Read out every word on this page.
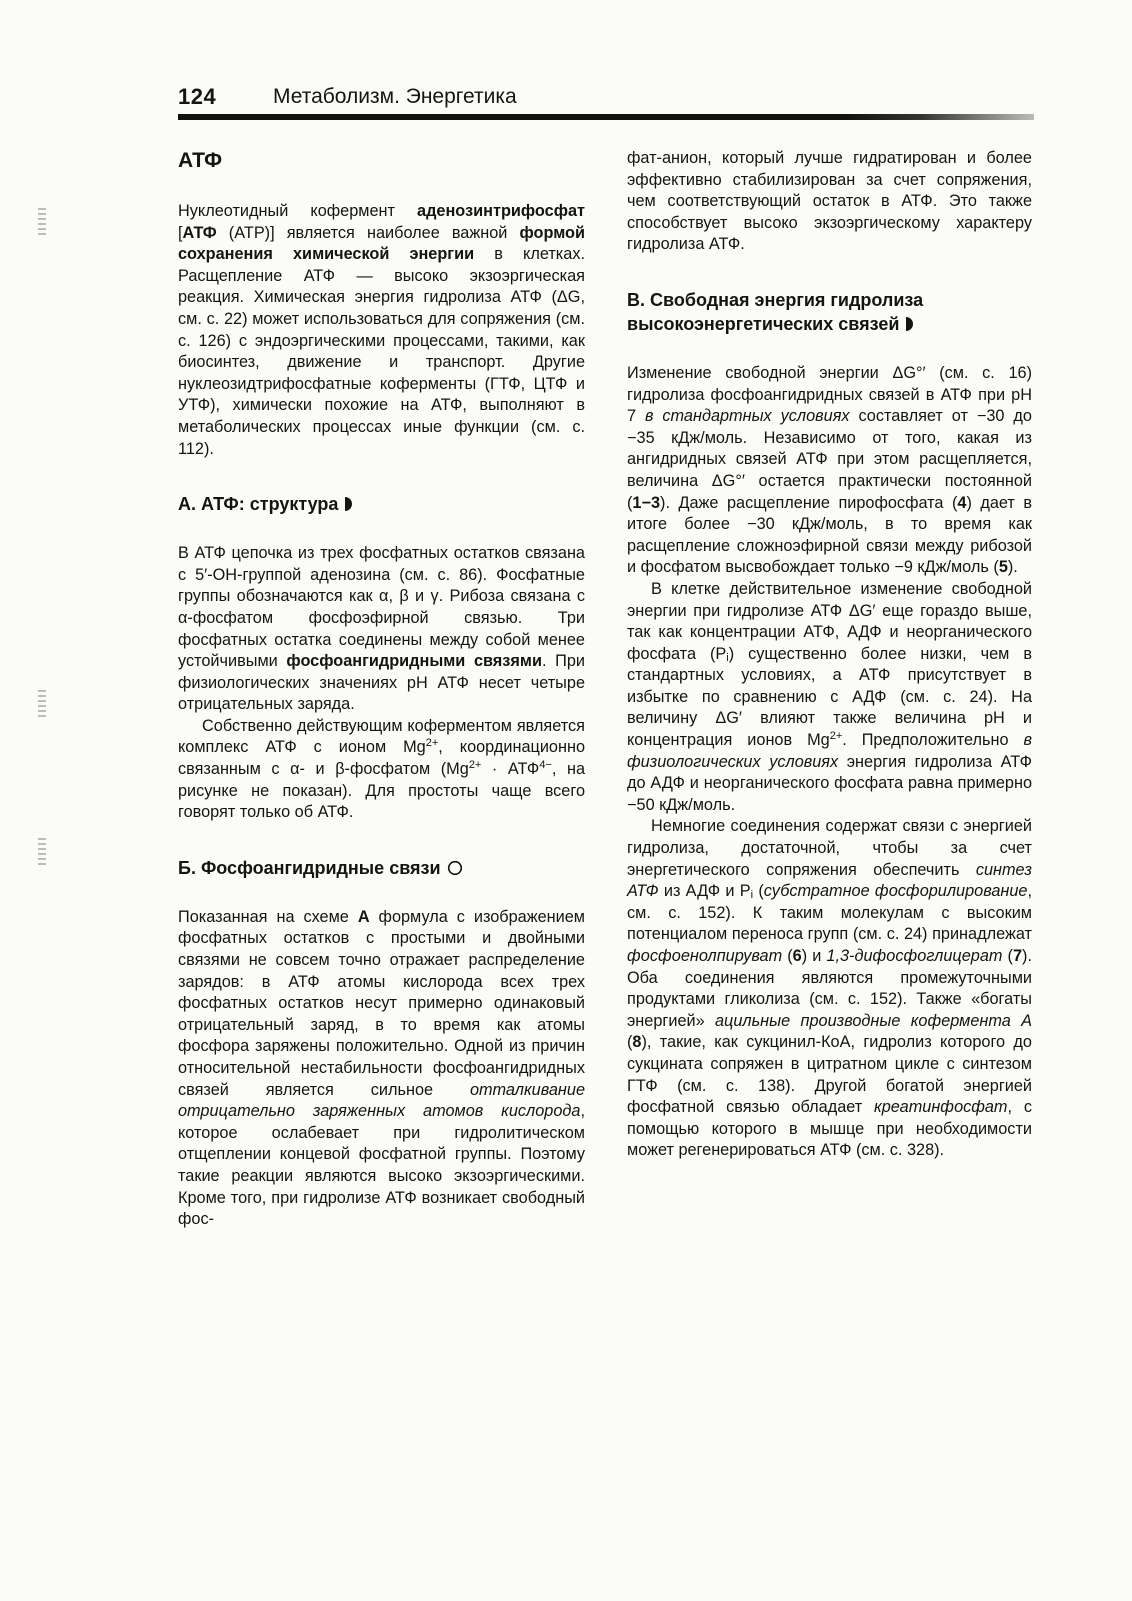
124	Метаболизм. Энергетика
АТФ

Нуклеотидный кофермент аденозинтрифосфат [АТФ (ATP)] является наиболее важной формой сохранения химической энергии в клетках. Расщепление АТФ — высоко экзоэргическая реакция. Химическая энергия гидролиза АТФ (ΔG, см. с. 22) может использоваться для сопряжения (см. с. 126) с эндоэргическими процессами, такими, как биосинтез, движение и транспорт. Другие нуклеозидтрифосфатные коферменты (ГТФ, ЦТФ и УТФ), химически похожие на АТФ, выполняют в метаболических процессах иные функции (см. с. 112).

А. АТФ: структура

В АТФ цепочка из трех фосфатных остатков связана с 5′-ОН-группой аденозина (см. с. 86). Фосфатные группы обозначаются как α, β и γ. Рибоза связана с α-фосфатом фосфоэфирной связью. Три фосфатных остатка соединены между собой менее устойчивыми фосфоангидридными связями. При физиологических значениях pH АТФ несет четыре отрицательных заряда.

Собственно действующим коферментом является комплекс АТФ с ионом $Mg^{2+}$, координационно связанным с α- и β-фосфатом ($Mg^{2+} \cdot АТФ^{4-}$, на рисунке не показан). Для простоты чаще всего говорят только об АТФ.

Б. Фосфоангидридные связи

Показанная на схеме А формула с изображением фосфатных остатков с простыми и двойными связями не совсем точно отражает распределение зарядов: в АТФ атомы кислорода всех трех фосфатных остатков несут примерно одинаковый отрицательный заряд, в то время как атомы фосфора заряжены положительно. Одной из причин относительной нестабильности фосфоангидридных связей является сильное отталкивание отрицательно заряженных атомов кислорода, которое ослабевает при гидролитическом отщеплении концевой фосфатной группы. Поэтому такие реакции являются высоко экзоэргическими. Кроме того, при гидролизе АТФ возникает свободный фос-

фат-анион, который лучше гидратирован и более эффективно стабилизирован за счет сопряжения, чем соответствующий остаток в АТФ. Это также способствует высоко экзоэргическому характеру гидролиза АТФ.

В. Свободная энергия гидролиза
высокоэнергетических связей

Изменение свободной энергии ΔG°′ (см. с. 16) гидролиза фосфоангидридных связей в АТФ при pH 7 в стандартных условиях составляет от −30 до −35 кДж/моль. Независимо от того, какая из ангидридных связей АТФ при этом расщепляется, величина ΔG°′ остается практически постоянной (1−3). Даже расщепление пирофосфата (4) дает в итоге более −30 кДж/моль, в то время как расщепление сложноэфирной связи между рибозой и фосфатом высвобождает только −9 кДж/моль (5).

В клетке действительное изменение свободной энергии при гидролизе АТФ ΔG′ еще гораздо выше, так как концентрации АТФ, АДФ и неорганического фосфата $(P_i)$ существенно более низки, чем в стандартных условиях, а АТФ присутствует в избытке по сравнению с АДФ (см. с. 24). На величину ΔG′ влияют также величина pH и концентрация ионов $Mg^{2+}$. Предположительно в физиологических условиях энергия гидролиза АТФ до АДФ и неорганического фосфата равна примерно −50 кДж/моль.

Немногие соединения содержат связи с энергией гидролиза, достаточной, чтобы за счет энергетического сопряжения обеспечить синтез АТФ из АДФ и $P_i$ (субстратное фосфорилирование, см. с. 152). К таким молекулам с высоким потенциалом переноса групп (см. с. 24) принадлежат фосфоенолпируват (6) и 1,3-дифосфоглицерат (7). Оба соединения являются промежуточными продуктами гликолиза (см. с. 152). Также «богаты энергией» ацильные производные кофермента А (8), такие, как сукцинил-КоА, гидролиз которого до сукцината сопряжен в цитратном цикле с синтезом ГТФ (см. с. 138). Другой богатой энергией фосфатной связью обладает креатинфосфат, с помощью которого в мышце при необходимости может регенерироваться АТФ (см. с. 328).
